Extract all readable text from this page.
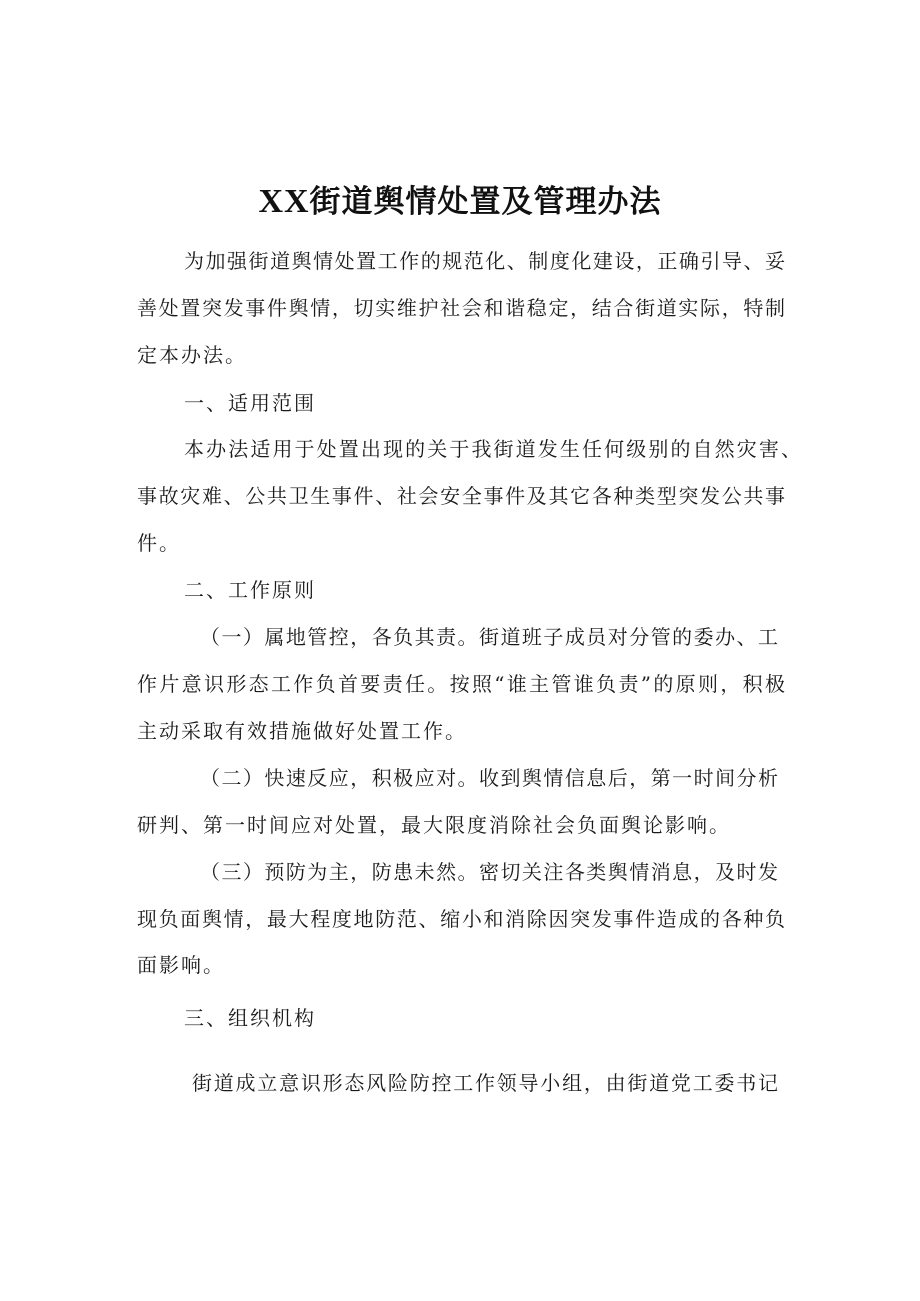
XX街道舆情处置及管理办法

为加强街道舆情处置工作的规范化、制度化建设，正确引导、妥

善处置突发事件舆情，切实维护社会和谐稳定，结合街道实际，特制

定本办法。

一、适用范围

本办法适用于处置出现的关于我街道发生任何级别的自然灾害、

事故灾难、公共卫生事件、社会安全事件及其它各种类型突发公共事

件。

二、工作原则

（一）属地管控，各负其责。街道班子成员对分管的委办、工

作片意识形态工作负首要责任。按照“谁主管谁负责”的原则，积极

主动采取有效措施做好处置工作。

（二）快速反应，积极应对。收到舆情信息后，第一时间分析

研判、第一时间应对处置，最大限度消除社会负面舆论影响。

（三）预防为主，防患未然。密切关注各类舆情消息，及时发

现负面舆情，最大程度地防范、缩小和消除因突发事件造成的各种负

面影响。

三、组织机构

街道成立意识形态风险防控工作领导小组，由街道党工委书记
